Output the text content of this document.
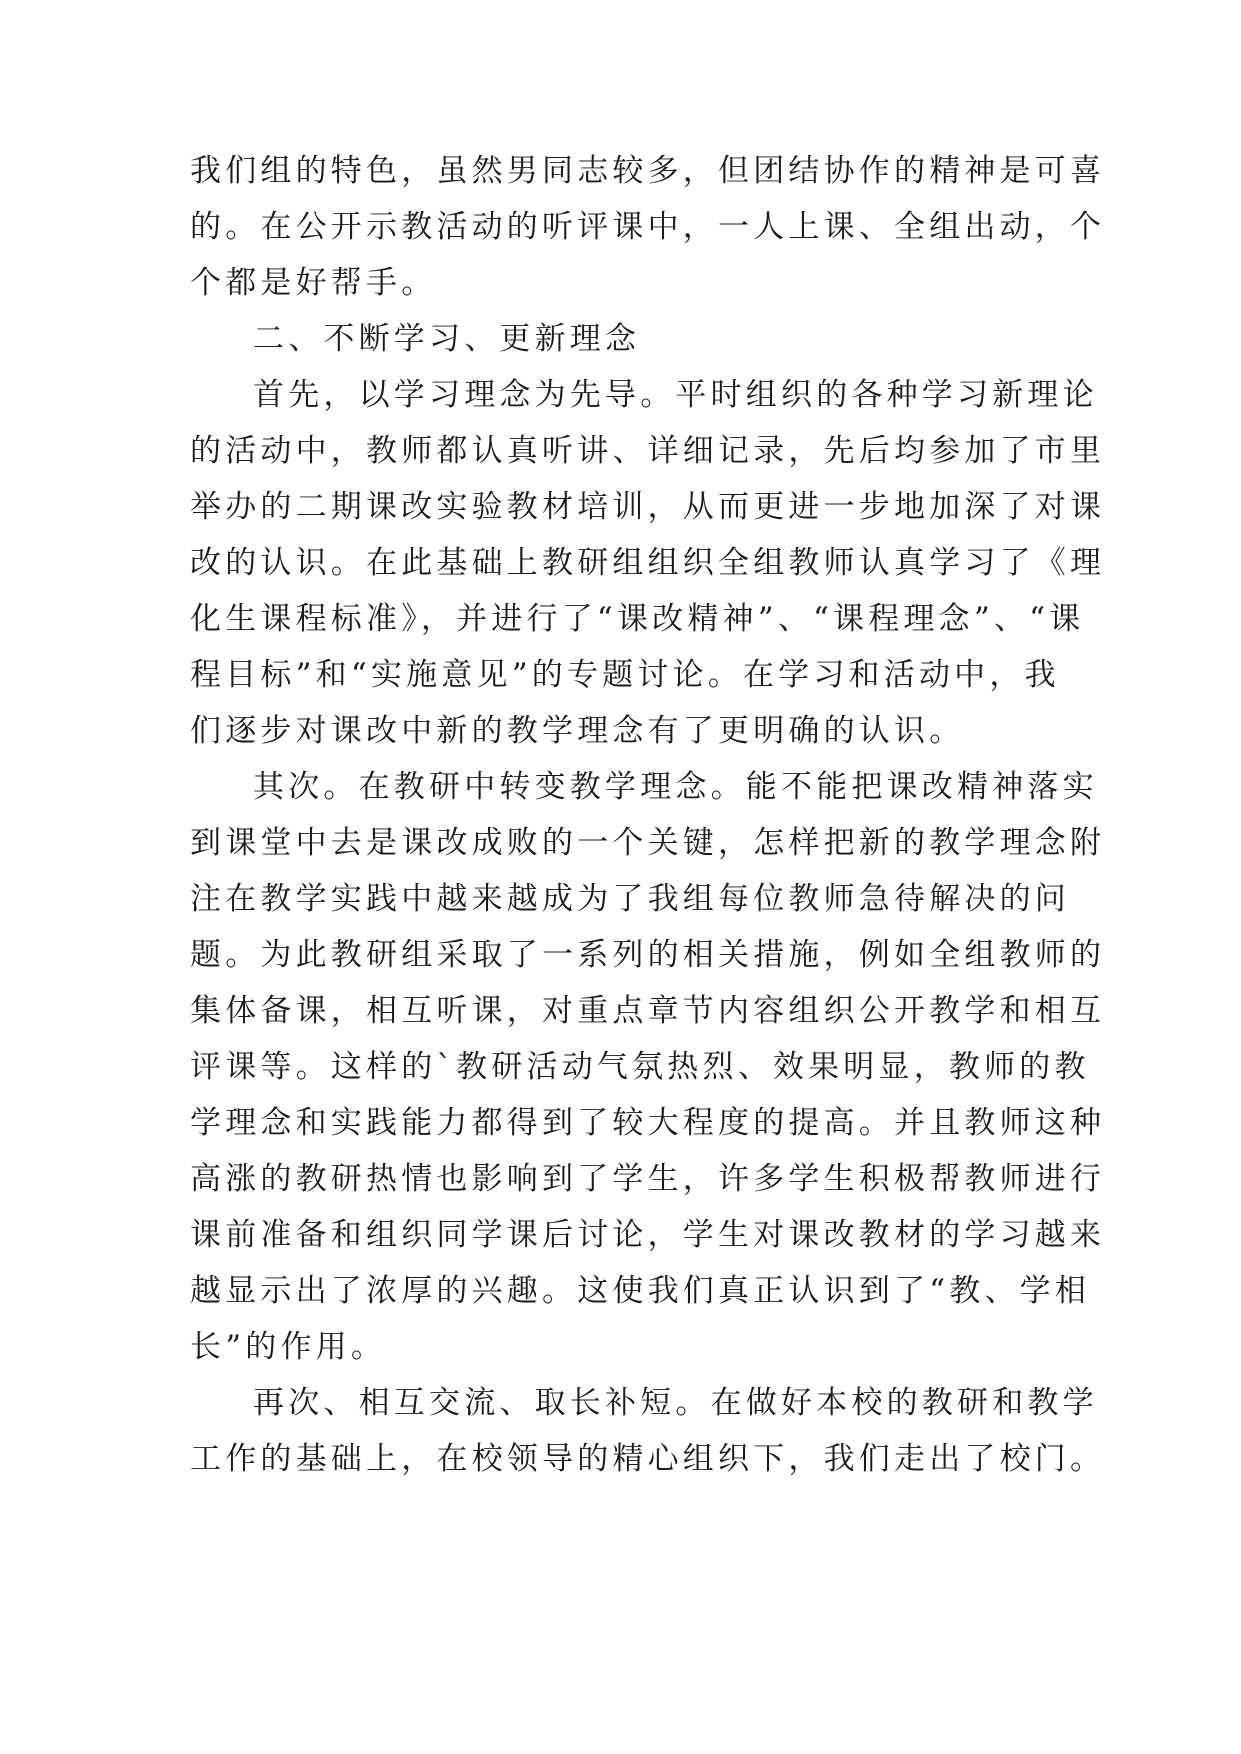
我们组的特色，虽然男同志较多，但团结协作的精神是可喜
的。在公开示教活动的听评课中，一人上课、全组出动，个
个都是好帮手。
二、不断学习、更新理念
首先，以学习理念为先导。平时组织的各种学习新理论
的活动中，教师都认真听讲、详细记录，先后均参加了市里
举办的二期课改实验教材培训，从而更进一步地加深了对课
改的认识。在此基础上教研组组织全组教师认真学习了《理
化生课程标准》，并进行了“课改精神”、“课程理念”、“课
程目标”和“实施意见”的专题讨论。在学习和活动中，我
们逐步对课改中新的教学理念有了更明确的认识。
其次。在教研中转变教学理念。能不能把课改精神落实
到课堂中去是课改成败的一个关键，怎样把新的教学理念附
注在教学实践中越来越成为了我组每位教师急待解决的问
题。为此教研组采取了一系列的相关措施，例如全组教师的
集体备课，相互听课，对重点章节内容组织公开教学和相互
评课等。这样的`教研活动气氛热烈、效果明显，教师的教
学理念和实践能力都得到了较大程度的提高。并且教师这种
高涨的教研热情也影响到了学生，许多学生积极帮教师进行
课前准备和组织同学课后讨论，学生对课改教材的学习越来
越显示出了浓厚的兴趣。这使我们真正认识到了“教、学相
长”的作用。
再次、相互交流、取长补短。在做好本校的教研和教学
工作的基础上，在校领导的精心组织下，我们走出了校门。
